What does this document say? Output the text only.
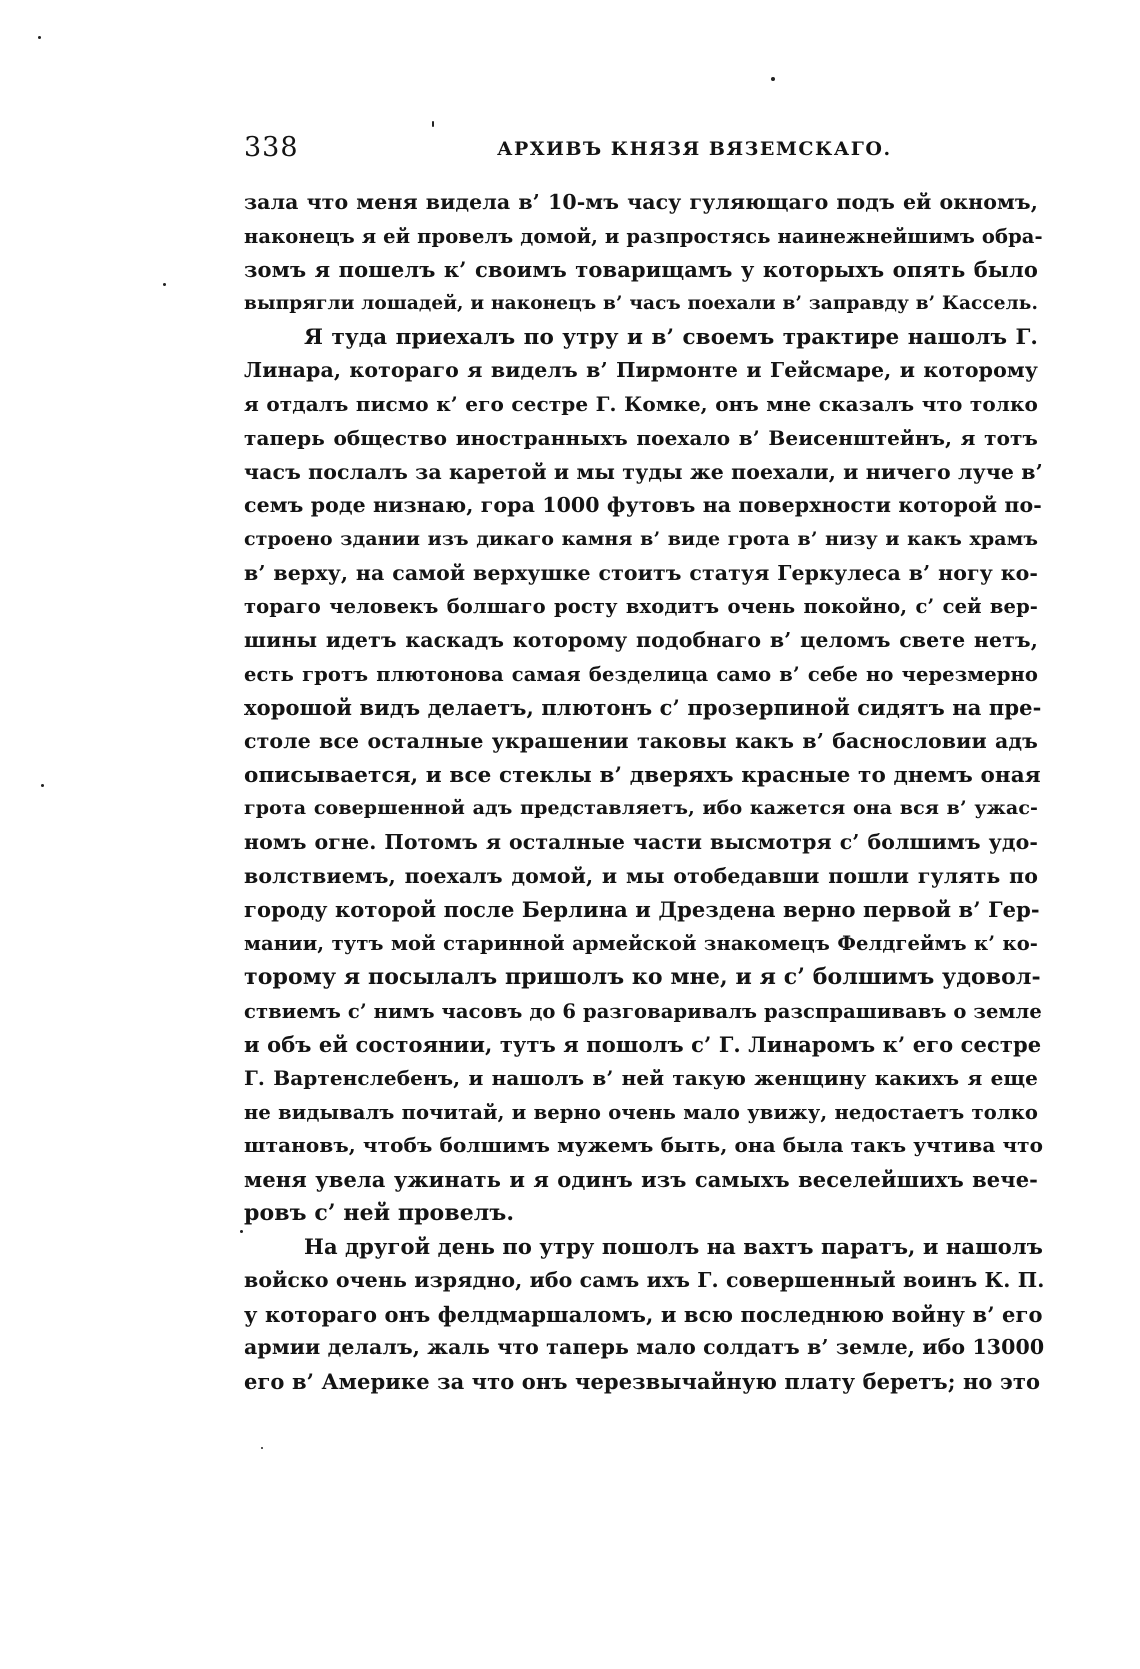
338	АРХИВЪ КНЯЗЯ ВЯЗЕМСКАГО.
зала что меня видела в’ 10-мъ часу гуляющаго подъ ей окномъ,
наконецъ я ей провелъ домой, и разпростясь наинежнейшимъ обра-
зомъ я пошелъ к’ своимъ товарищамъ у которыхъ опять было
выпрягли лошадей, и наконецъ в’ часъ поехали в’ заправду в’ Кассель.
Я туда приехалъ по утру и в’ своемъ трактире нашолъ Г.
Линара, котораго я виделъ в’ Пирмонте и Гейсмаре, и которому
я отдалъ писмо к’ его сестре Г. Комке, онъ мне сказалъ что толко
таперь общество иностранныхъ поехало в’ Веисенштейнъ, я тотъ
часъ послалъ за каретой и мы туды же поехали, и ничего луче в’
семъ роде низнаю, гора 1000 футовъ на поверхности которой по-
строено здании изъ дикаго камня в’ виде грота в’ низу и какъ храмъ
в’ верху, на самой верхушке стоитъ статуя Геркулеса в’ ногу ко-
тораго человекъ болшаго росту входитъ очень покойно, с’ сей вер-
шины идетъ каскадъ которому подобнаго в’ целомъ свете нетъ,
есть гротъ плютонова самая безделица само в’ себе но черезмерно
хорошой видъ делаетъ, плютонъ с’ прозерпиной сидятъ на пре-
столе все осталные украшении таковы какъ в’ баснословии адъ
описывается, и все стеклы в’ дверяхъ красные то днемъ оная
грота совершенной адъ представляетъ, ибо кажется она вся в’ ужас-
номъ огне. Потомъ я осталные части высмотря с’ болшимъ удо-
волствиемъ, поехалъ домой, и мы отобедавши пошли гулять по
городу которой после Берлина и Дрездена верно первой в’ Гер-
мании, тутъ мой старинной армейской знакомецъ Фелдгеймъ к’ ко-
торому я посылалъ пришолъ ко мне, и я с’ болшимъ удовол-
ствиемъ с’ нимъ часовъ до 6 разговаривалъ разспрашивавъ о земле
и объ ей состоянии, тутъ я пошолъ с’ Г. Линаромъ к’ его сестре
Г. Вартенслебенъ, и нашолъ в’ ней такую женщину какихъ я еще
не видывалъ почитай, и верно очень мало увижу, недостаетъ толко
штановъ, чтобъ болшимъ мужемъ быть, она была такъ учтива что
меня увела ужинать и я одинъ изъ самыхъ веселейшихъ вече-
ровъ с’ ней провелъ.
На другой день по утру пошолъ на вахтъ паратъ, и нашолъ
войско очень изрядно, ибо самъ ихъ Г. совершенный воинъ К. П.
у котораго онъ фелдмаршаломъ, и всю последнюю войну в’ его
армии делалъ, жаль что таперь мало солдатъ в’ земле, ибо 13000
его в’ Америке за что онъ черезвычайную плату беретъ; но это
